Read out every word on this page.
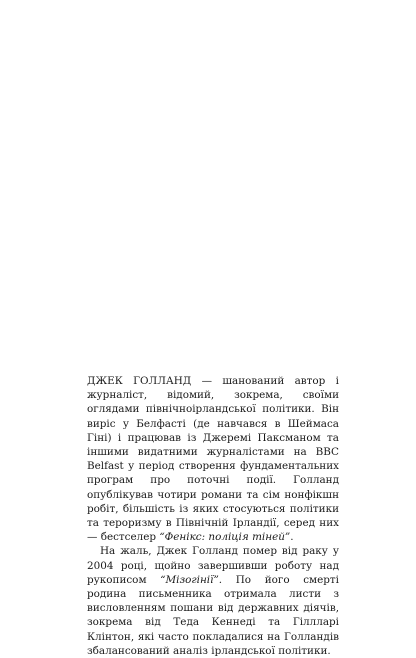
ДЖЕК ГОЛЛАНД — шанований автор і журналіст, відомий, зокрема, своїми оглядами північноірландської політики. Він виріс у Белфасті (де навчався в Шеймаса Гіні) і працював із Джеремі Паксманом та іншими видатними журналістами на BBC Belfast у період створення фундаментальних програм про поточні події. Голланд опублікував чотири романи та сім нонфікшн робіт, більшість із яких стосуються політики та тероризму в Північній Ірландії, серед них — бестселер “Фенікс: поліція тіней”.

На жаль, Джек Голланд помер від раку у 2004 році, щойно завершивши роботу над рукописом “Мізогінії”. По його смерті родина письменника отримала листи з висловленням пошани від державних діячів, зокрема від Теда Кеннеді та Гіллларі Клінтон, які часто покладалися на Голландів збалансований аналіз ірландської політики.
